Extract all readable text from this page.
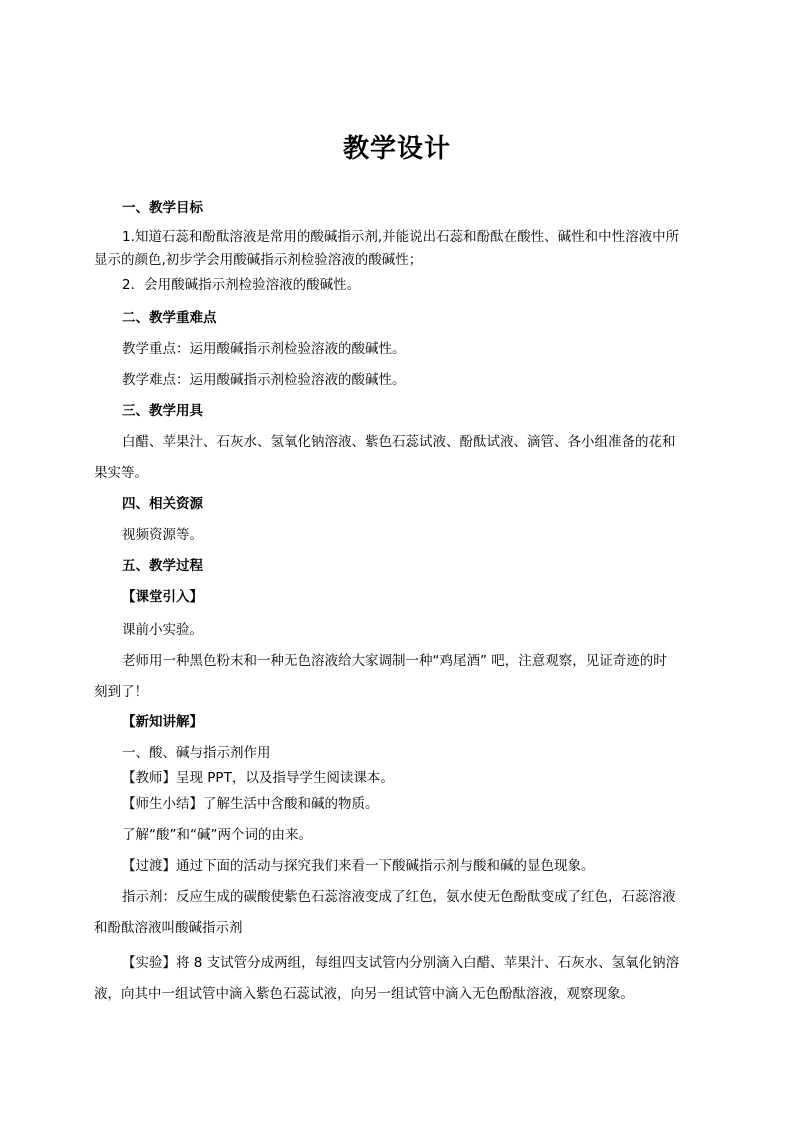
教学设计

一、教学目标

1.知道石蕊和酚酞溶液是常用的酸碱指示剂,并能说出石蕊和酚酞在酸性、碱性和中性溶液中所

显示的颜色,初步学会用酸碱指示剂检验溶液的酸碱性；

2．会用酸碱指示剂检验溶液的酸碱性。

二、教学重难点

教学重点：运用酸碱指示剂检验溶液的酸碱性。

教学难点：运用酸碱指示剂检验溶液的酸碱性。

三、教学用具

白醋、苹果汁、石灰水、氢氧化钠溶液、紫色石蕊试液、酚酞试液、滴管、各小组准备的花和

果实等。

四、相关资源

视频资源等。

五、教学过程

【课堂引入】

课前小实验。

老师用一种黑色粉末和一种无色溶液给大家调制一种“鸡尾酒” 吧，注意观察，见证奇迹的时

刻到了！

【新知讲解】

一、酸、碱与指示剂作用

【教师】呈现 PPT，以及指导学生阅读课本。

【师生小结】了解生活中含酸和碱的物质。

了解“酸”和“碱”两个词的由来。

【过渡】通过下面的活动与探究我们来看一下酸碱指示剂与酸和碱的显色现象。

指示剂：反应生成的碳酸使紫色石蕊溶液变成了红色，氨水使无色酚酞变成了红色，石蕊溶液

和酚酞溶液叫酸碱指示剂

【实验】将 8 支试管分成两组，每组四支试管内分别滴入白醋、苹果汁、石灰水、氢氧化钠溶

液，向其中一组试管中滴入紫色石蕊试液，向另一组试管中滴入无色酚酞溶液，观察现象。
